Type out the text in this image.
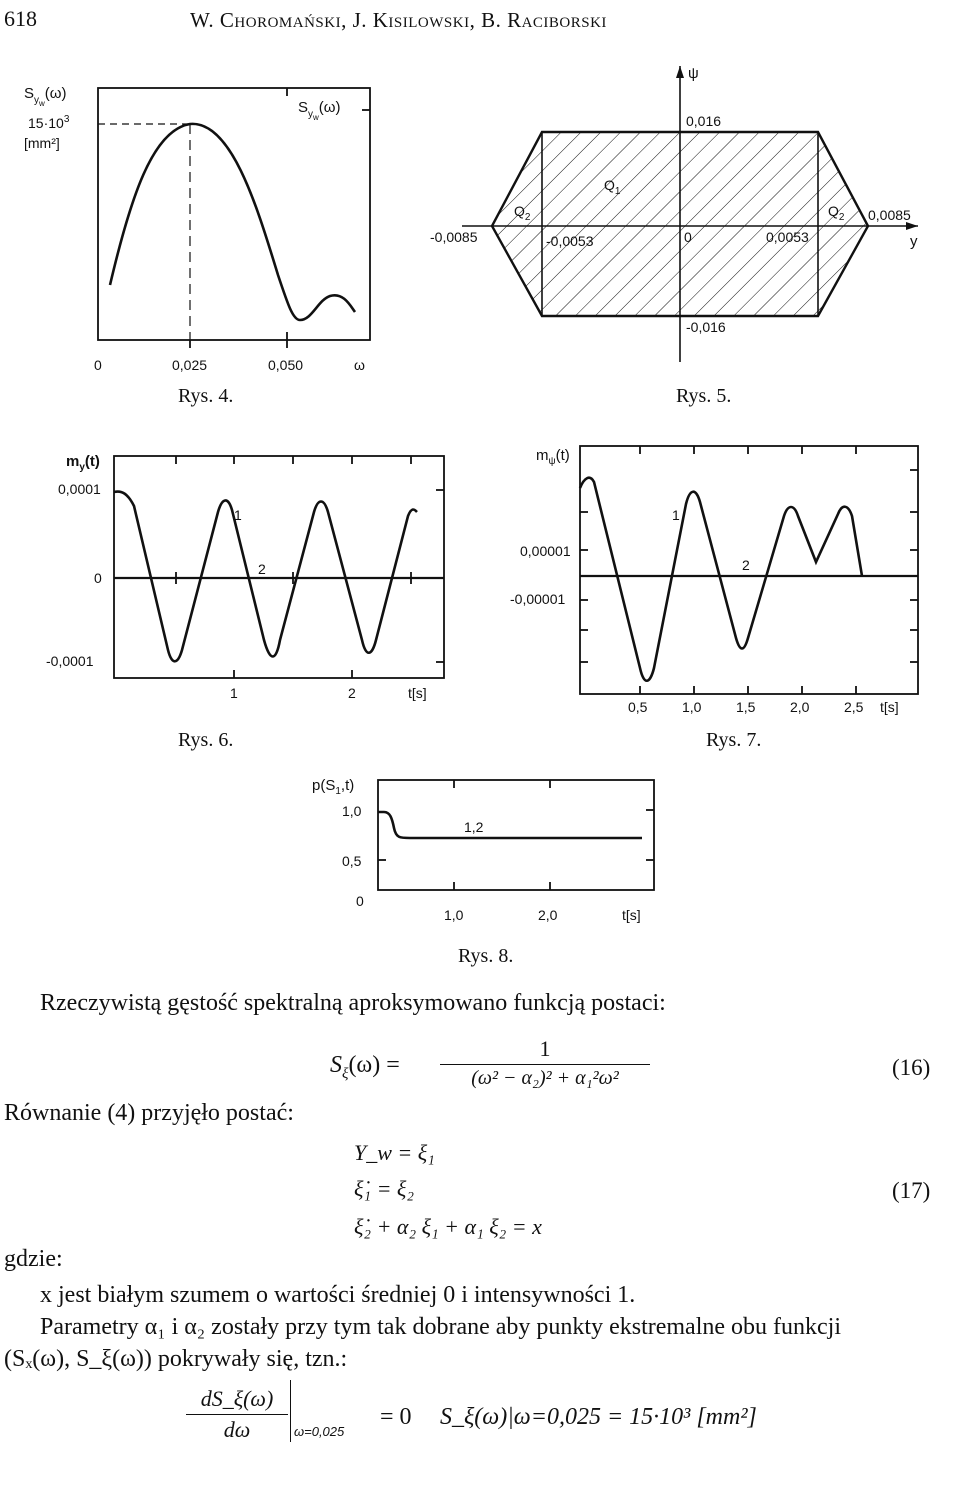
618	W. Choromański, J. Kisilowski, B. Raciborski
$S_{yw}(\omega)$
$15\cdot 10^3$
[mm²]
$S_{yw}(\omega)$
0	0,025	0,050	ω
ψ
y
0,016
-0,016
-0,0085
0,0085
-0,0053	0,0053
0
$Q_1$
$Q_2$	$Q_2$
$m_y(t)$
0,0001
0
-0,0001
1	2	t[s]
1
2
$m_\psi(t)$
0,00001
-0,00001
0,5 1,0 1,5 2,0 2,5 t[s]
1
2
$p(S_1,t)$
1,0
0,5
0
1,0	2,0	t[s]
1,2
Rys. 4.	Rys. 5.
Rys. 6.	Rys. 7.
Rys. 8.
Rzeczywistą gęstość spektralną aproksymowano funkcją postaci:
$S_\xi(\omega)$ =
1
(ω² − α₂)² + α₁²ω²	(16)
Równanie (4) przyjęło postać:
Y_w = ξ₁
ξ̇₁ = ξ₂	(17)
ξ̇₂ + α₂ ξ₁ + α₁ ξ₂ = x
gdzie:
x jest białym szumem o wartości średniej 0 i intensywności 1.
Parametry α₁ i α₂ zostały przy tym tak dobrane aby punkty ekstremalne obu funkcji
(Sₓ(ω), S_ξ(ω)) pokrywały się, tzn.:
dS_ξ(ω)
dω	ω=0,025
= 0 S_ξ(ω)|ω=0,025 = 15·10³ [mm²]
